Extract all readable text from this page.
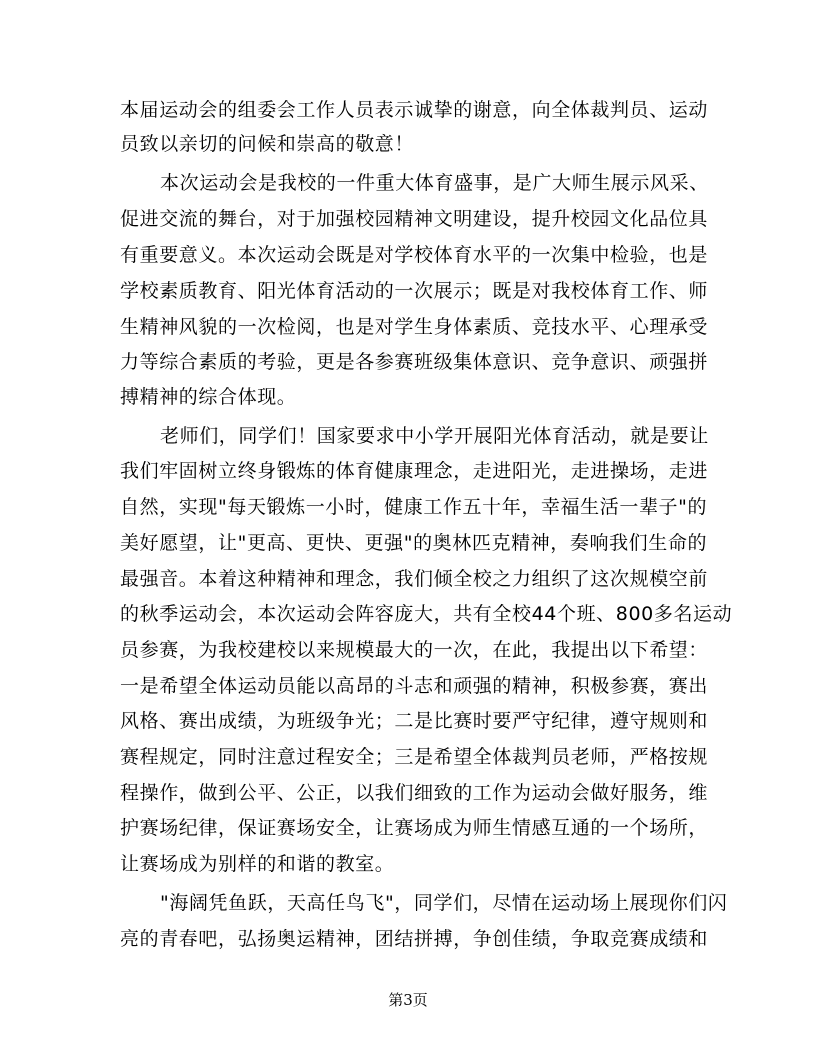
本届运动会的组委会工作人员表示诚挚的谢意，向全体裁判员、运动
员致以亲切的问候和崇高的敬意！
本次运动会是我校的一件重大体育盛事，是广大师生展示风采、
促进交流的舞台，对于加强校园精神文明建设，提升校园文化品位具
有重要意义。本次运动会既是对学校体育水平的一次集中检验，也是
学校素质教育、阳光体育活动的一次展示；既是对我校体育工作、师
生精神风貌的一次检阅，也是对学生身体素质、竞技水平、心理承受
力等综合素质的考验，更是各参赛班级集体意识、竞争意识、顽强拼
搏精神的综合体现。
老师们，同学们！国家要求中小学开展阳光体育活动，就是要让
我们牢固树立终身锻炼的体育健康理念，走进阳光，走进操场，走进
自然，实现"每天锻炼一小时，健康工作五十年，幸福生活一辈子"的
美好愿望，让"更高、更快、更强"的奥林匹克精神，奏响我们生命的
最强音。本着这种精神和理念，我们倾全校之力组织了这次规模空前
的秋季运动会，本次运动会阵容庞大，共有全校44个班、800多名运动
员参赛，为我校建校以来规模最大的一次，在此，我提出以下希望：
一是希望全体运动员能以高昂的斗志和顽强的精神，积极参赛，赛出
风格、赛出成绩，为班级争光；二是比赛时要严守纪律，遵守规则和
赛程规定，同时注意过程安全；三是希望全体裁判员老师，严格按规
程操作，做到公平、公正，以我们细致的工作为运动会做好服务，维
护赛场纪律，保证赛场安全，让赛场成为师生情感互通的一个场所，
让赛场成为别样的和谐的教室。
"海阔凭鱼跃，天高任鸟飞"，同学们，尽情在运动场上展现你们闪
亮的青春吧，弘扬奥运精神，团结拼搏，争创佳绩，争取竞赛成绩和
第3页
